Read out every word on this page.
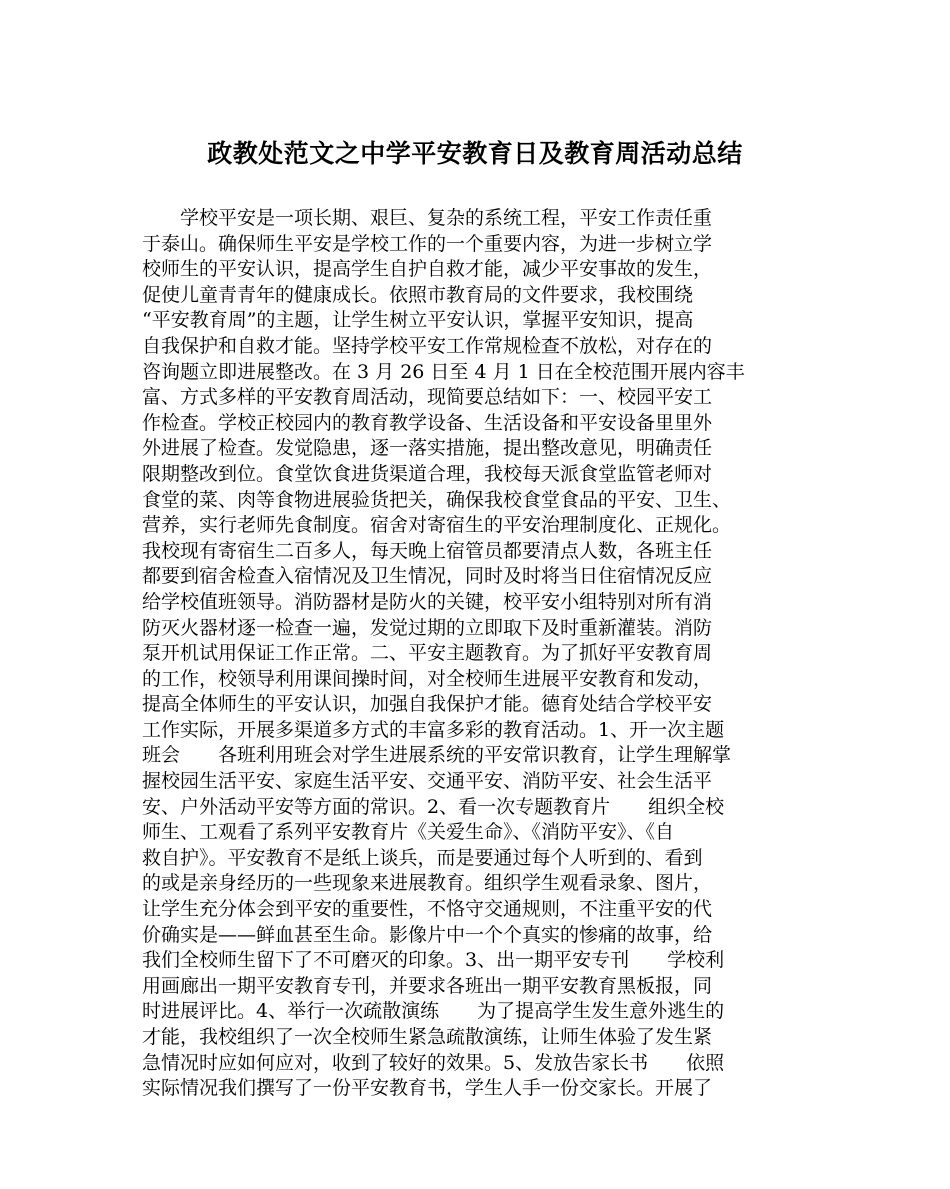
政教处范文之中学平安教育日及教育周活动总结
　　学校平安是一项长期、艰巨、复杂的系统工程，平安工作责任重
于泰山。确保师生平安是学校工作的一个重要内容，为进一步树立学
校师生的平安认识，提高学生自护自救才能，减少平安事故的发生，
促使儿童青青年的健康成长。依照市教育局的文件要求，我校围绕
“平安教育周”的主题，让学生树立平安认识，掌握平安知识，提高
自我保护和自救才能。坚持学校平安工作常规检查不放松，对存在的
咨询题立即进展整改。在 3 月 26 日至 4 月 1 日在全校范围开展内容丰
富、方式多样的平安教育周活动，现简要总结如下：一、校园平安工
作检查。学校正校园内的教育教学设备、生活设备和平安设备里里外
外进展了检查。发觉隐患，逐一落实措施，提出整改意见，明确责任
限期整改到位。食堂饮食进货渠道合理，我校每天派食堂监管老师对
食堂的菜、肉等食物进展验货把关，确保我校食堂食品的平安、卫生、
营养，实行老师先食制度。宿舍对寄宿生的平安治理制度化、正规化。
我校现有寄宿生二百多人，每天晚上宿管员都要清点人数，各班主任
都要到宿舍检查入宿情况及卫生情况，同时及时将当日住宿情况反应
给学校值班领导。消防器材是防火的关键，校平安小组特别对所有消
防灭火器材逐一检查一遍，发觉过期的立即取下及时重新灌装。消防
泵开机试用保证工作正常。二、平安主题教育。为了抓好平安教育周
的工作，校领导利用课间操时间，对全校师生进展平安教育和发动，
提高全体师生的平安认识，加强自我保护才能。德育处结合学校平安
工作实际，开展多渠道多方式的丰富多彩的教育活动。1、开一次主题
班会　　各班利用班会对学生进展系统的平安常识教育，让学生理解掌
握校园生活平安、家庭生活平安、交通平安、消防平安、社会生活平
安、户外活动平安等方面的常识。2、看一次专题教育片　　组织全校
师生、工观看了系列平安教育片《关爱生命》、《消防平安》、《自
救自护》。平安教育不是纸上谈兵，而是要通过每个人听到的、看到
的或是亲身经历的一些现象来进展教育。组织学生观看录象、图片，
让学生充分体会到平安的重要性，不恪守交通规则，不注重平安的代
价确实是——鲜血甚至生命。影像片中一个个真实的惨痛的故事，给
我们全校师生留下了不可磨灭的印象。3、出一期平安专刊　　学校利
用画廊出一期平安教育专刊，并要求各班出一期平安教育黑板报，同
时进展评比。4、举行一次疏散演练　　为了提高学生发生意外逃生的
才能，我校组织了一次全校师生紧急疏散演练，让师生体验了发生紧
急情况时应如何应对，收到了较好的效果。5、发放告家长书　　依照
实际情况我们撰写了一份平安教育书，学生人手一份交家长。开展了
